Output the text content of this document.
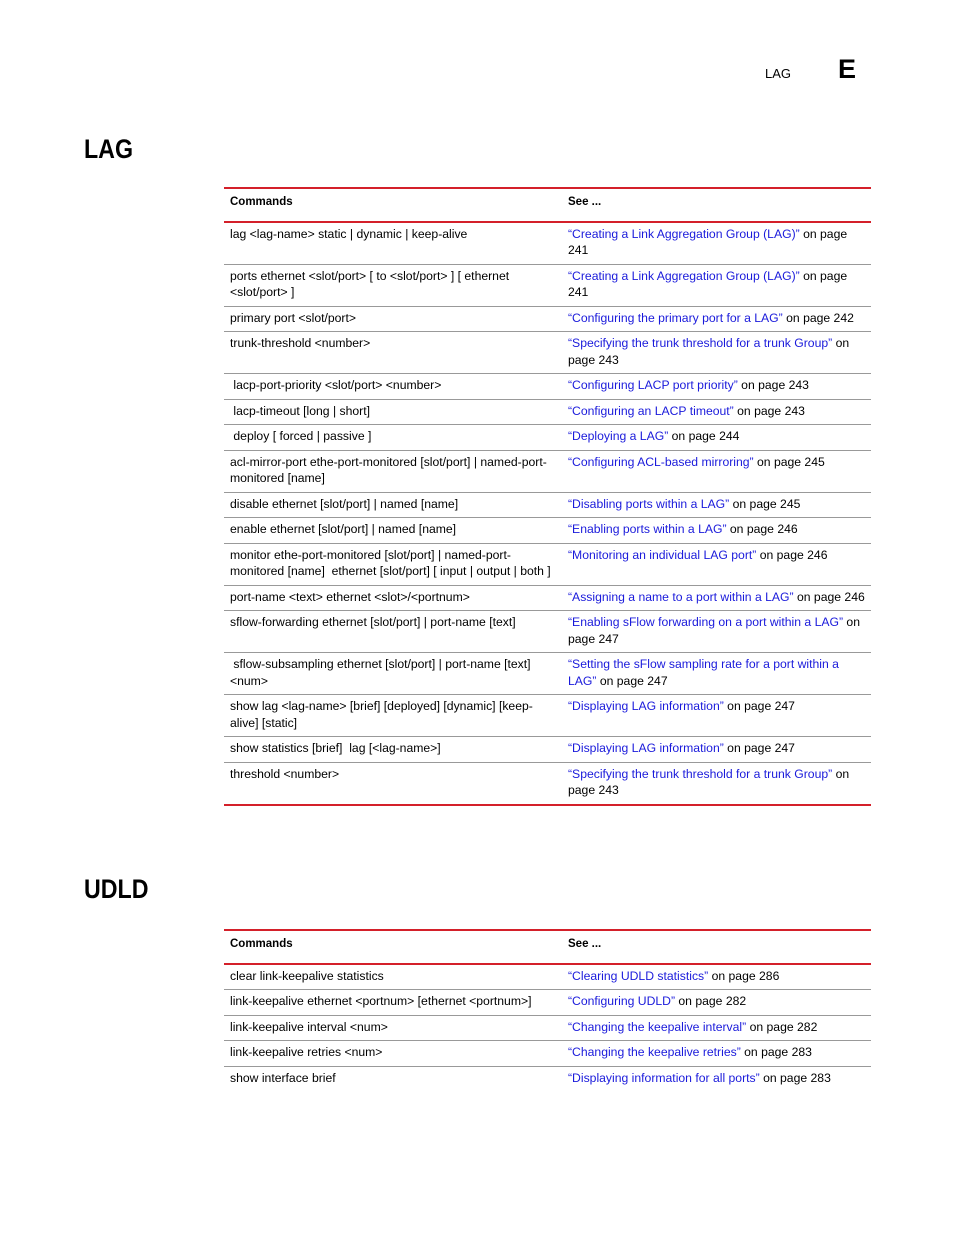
LAG E
LAG
Commands	See ...
lag <lag-name> static | dynamic | keep-alive	“Creating a Link Aggregation Group (LAG)” on page 241
ports ethernet <slot/port> [ to <slot/port> ] [ ethernet <slot/port> ]	“Creating a Link Aggregation Group (LAG)” on page 241
primary port <slot/port>	“Configuring the primary port for a LAG” on page 242
trunk-threshold <number>	“Specifying the trunk threshold for a trunk Group” on page 243
lacp-port-priority <slot/port> <number>	“Configuring LACP port priority” on page 243
lacp-timeout [long | short]	“Configuring an LACP timeout” on page 243
deploy [ forced | passive ]	“Deploying a LAG” on page 244
acl-mirror-port ethe-port-monitored [slot/port] | named-port-monitored [name]	“Configuring ACL-based mirroring” on page 245
disable ethernet [slot/port] | named [name]	“Disabling ports within a LAG” on page 245
enable ethernet [slot/port] | named [name]	“Enabling ports within a LAG” on page 246
monitor ethe-port-monitored [slot/port] | named-port-monitored [name]  ethernet [slot/port] [ input | output | both ]	“Monitoring an individual LAG port” on page 246
port-name <text> ethernet <slot>/<portnum>	“Assigning a name to a port within a LAG” on page 246
sflow-forwarding ethernet [slot/port] | port-name [text]	“Enabling sFlow forwarding on a port within a LAG” on page 247
sflow-subsampling ethernet [slot/port] | port-name [text] <num>	“Setting the sFlow sampling rate for a port within a LAG” on page 247
show lag <lag-name> [brief] [deployed] [dynamic] [keep-alive] [static]	“Displaying LAG information” on page 247
show statistics [brief]  lag [<lag-name>]	“Displaying LAG information” on page 247
threshold <number>	“Specifying the trunk threshold for a trunk Group” on page 243
UDLD
Commands	See ...
clear link-keepalive statistics	“Clearing UDLD statistics” on page 286
link-keepalive ethernet <portnum> [ethernet <portnum>]	“Configuring UDLD” on page 282
link-keepalive interval <num>	“Changing the keepalive interval” on page 282
link-keepalive retries <num>	“Changing the keepalive retries” on page 283
show interface brief	“Displaying information for all ports” on page 283
